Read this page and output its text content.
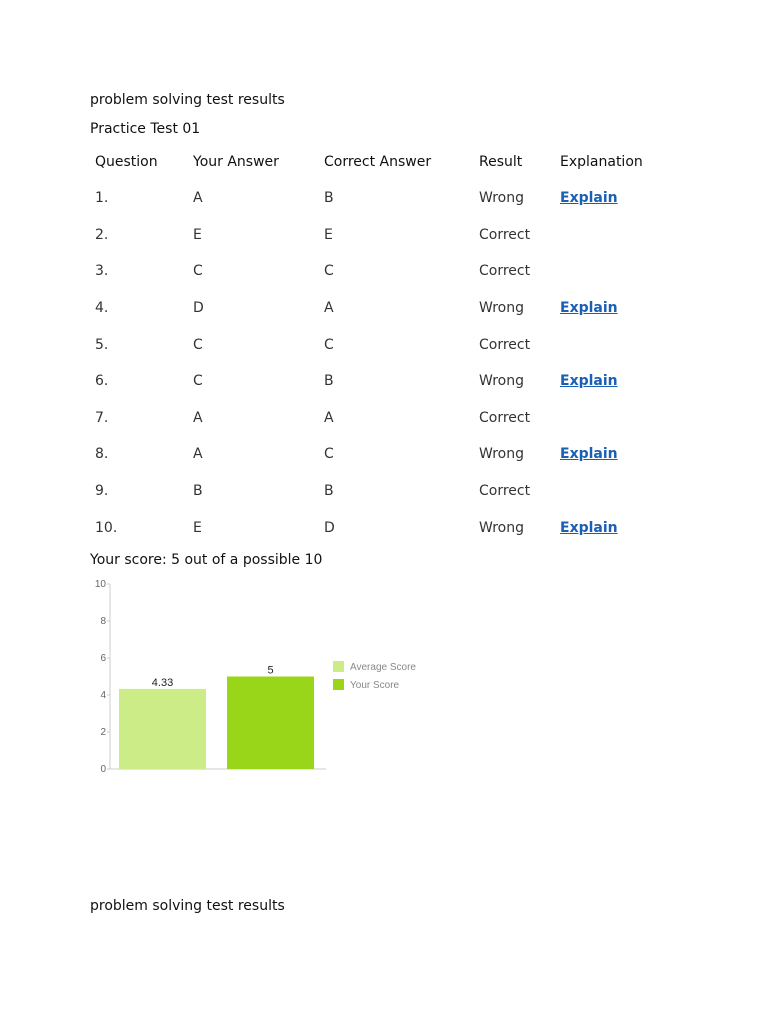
problem solving test results
Practice Test 01
Question	Your Answer	Correct Answer	Result	Explanation
1.	A	B	Wrong	Explain
2.	E	E	Correct	
3.	C	C	Correct	
4.	D	A	Wrong	Explain
5.	C	C	Correct	
6.	C	B	Wrong	Explain
7.	A	A	Correct	
8.	A	C	Wrong	Explain
9.	B	B	Correct	
10.	E	D	Wrong	Explain
Your score: 5 out of a possible 10
0
2
4
6
8
10
4.33
5	Average Score
Your Score
problem solving test results
